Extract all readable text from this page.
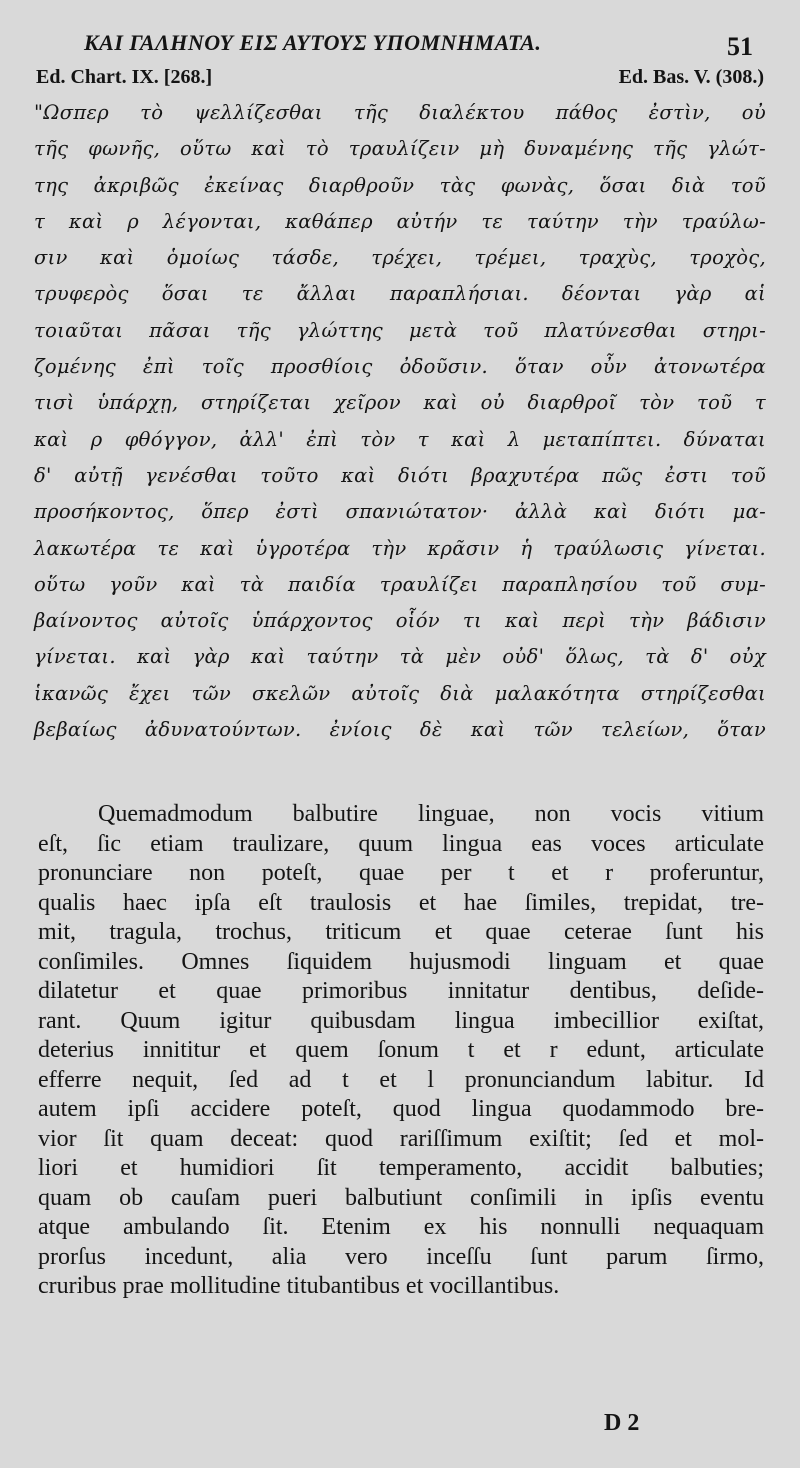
ΚΑΙ ΓΑΛΗΝΟΥ ΕΙΣ ΑΥΤΟΥΣ ΥΠΟΜΝΗΜΑΤΑ.	51
Ed. Chart. IX. [268.]	Ed. Bas. V. (308.)
"Ωσπερ τὸ ψελλίζεσθαι τῆς διαλέκτου πάθος ἐστὶν, οὐ
τῆς φωνῆς, οὕτω καὶ τὸ τραυλίζειν μὴ δυναμένης τῆς γλώτ-
της ἀκριβῶς ἐκείνας διαρθροῦν τὰς φωνὰς, ὅσαι διὰ τοῦ
τ καὶ ρ λέγονται, καθάπερ αὐτήν τε ταύτην τὴν τραύλω-
σιν καὶ ὁμοίως τάσδε, τρέχει, τρέμει, τραχὺς, τροχὸς,
τρυφερὸς ὅσαι τε ἄλλαι παραπλήσιαι. δέονται γὰρ αἱ
τοιαῦται πᾶσαι τῆς γλώττης μετὰ τοῦ πλατύνεσθαι στηρι-
ζομένης ἐπὶ τοῖς προσθίοις ὀδοῦσιν. ὅταν οὖν ἀτονωτέρα
τισὶ ὑπάρχῃ, στηρίζεται χεῖρον καὶ οὐ διαρθροῖ τὸν τοῦ τ
καὶ ρ φθόγγον, ἀλλ' ἐπὶ τὸν τ καὶ λ μεταπίπτει. δύναται
δ' αὐτῇ γενέσθαι τοῦτο καὶ διότι βραχυτέρα πῶς ἐστι τοῦ
προσήκοντος, ὅπερ ἐστὶ σπανιώτατον· ἀλλὰ καὶ διότι μα-
λακωτέρα τε καὶ ὑγροτέρα τὴν κρᾶσιν ἡ τραύλωσις γίνεται.
οὕτω γοῦν καὶ τὰ παιδία τραυλίζει παραπλησίου τοῦ συμ-
βαίνοντος αὐτοῖς ὑπάρχοντος οἷόν τι καὶ περὶ τὴν βάδισιν
γίνεται. καὶ γὰρ καὶ ταύτην τὰ μὲν οὐδ' ὅλως, τὰ δ' οὐχ
ἱκανῶς ἔχει τῶν σκελῶν αὐτοῖς διὰ μαλακότητα στηρίζεσθαι
βεβαίως ἀδυνατούντων. ἐνίοις δὲ καὶ τῶν τελείων, ὅταν
Quemadmodum balbutire linguae, non vocis vitium
eſt, ſic etiam traulizare, quum lingua eas voces articulate
pronunciare non poteſt, quae per t et r proferuntur,
qualis haec ipſa eſt traulosis et hae ſimiles, trepidat, tre-
mit, tragula, trochus, triticum et quae ceterae ſunt his
conſimiles. Omnes ſiquidem hujusmodi linguam et quae
dilatetur et quae primoribus innitatur dentibus, deſide-
rant. Quum igitur quibusdam lingua imbecillior exiſtat,
deterius innititur et quem ſonum t et r edunt, articulate
efferre nequit, ſed ad t et l pronunciandum labitur. Id
autem ipſi accidere poteſt, quod lingua quodammodo bre-
vior ſit quam deceat: quod rariſſimum exiſtit; ſed et mol-
liori et humidiori ſit temperamento, accidit balbuties;
quam ob cauſam pueri balbutiunt conſimili in ipſis eventu
atque ambulando ſit. Etenim ex his nonnulli nequaquam
prorſus incedunt, alia vero inceſſu ſunt parum ſirmo,
cruribus prae mollitudine titubantibus et vocillantibus.
D 2
